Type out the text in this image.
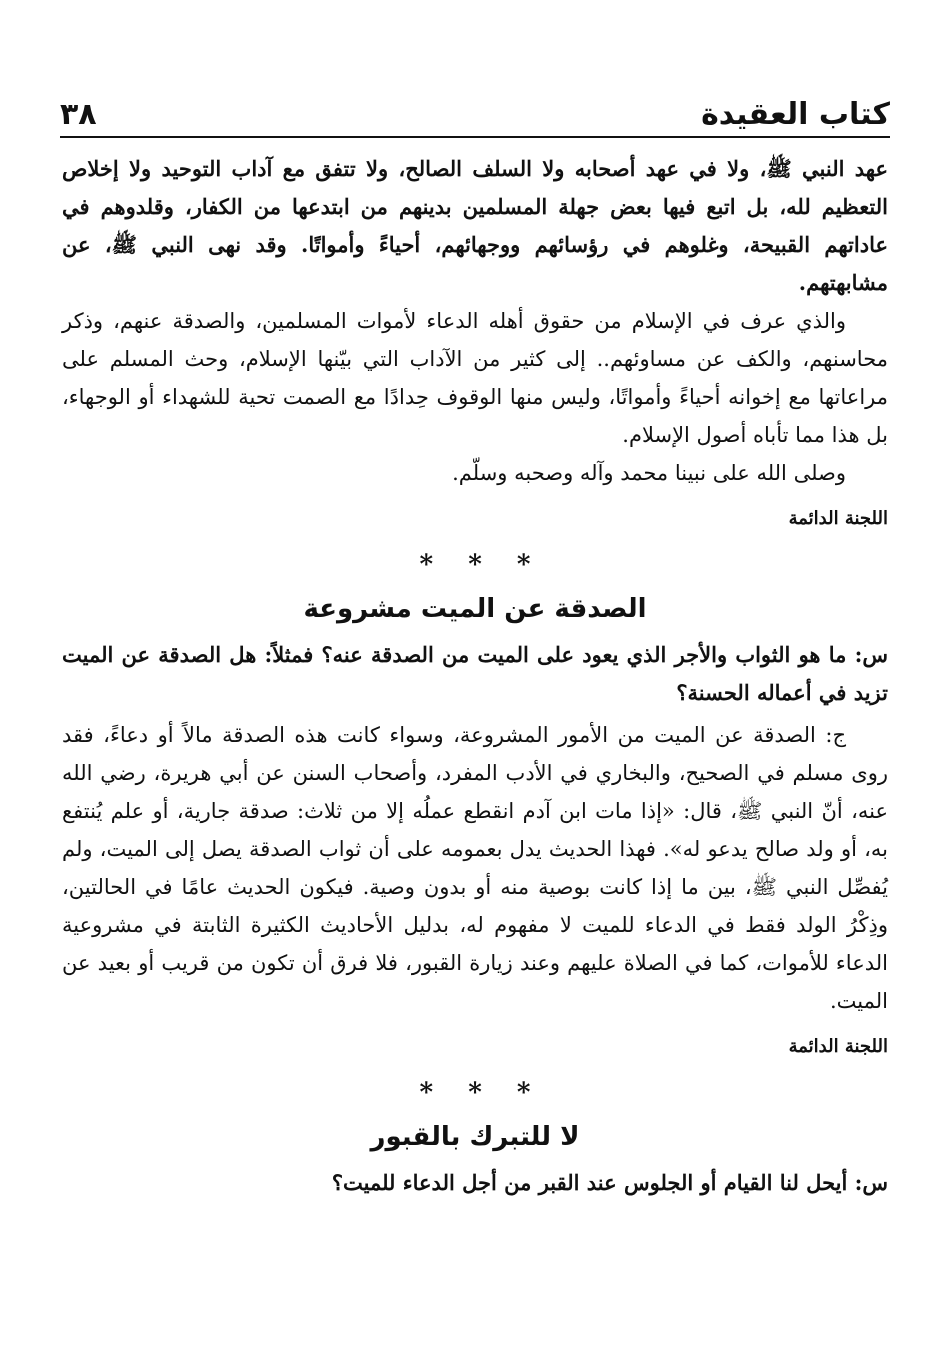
٣٨	كتاب العقيدة

عهد النبي ﷺ، ولا في عهد أصحابه ولا السلف الصالح، ولا تتفق مع آداب التوحيد ولا إخلاص التعظيم لله، بل اتبع فيها بعض جهلة المسلمين بدينهم من ابتدعها من الكفار، وقلدوهم في عاداتهم القبيحة، وغلوهم في رؤسائهم ووجهائهم، أحياءً وأمواتًا. وقد نهى النبي ﷺ، عن مشابهتهم.

والذي عرف في الإسلام من حقوق أهله الدعاء لأموات المسلمين، والصدقة عنهم، وذكر محاسنهم، والكف عن مساوئهم.. إلى كثير من الآداب التي بيّنها الإسلام، وحث المسلم على مراعاتها مع إخوانه أحياءً وأمواتًا، وليس منها الوقوف حِدادًا مع الصمت تحية للشهداء أو الوجهاء، بل هذا مما تأباه أصول الإسلام.

وصلى الله على نبينا محمد وآله وصحبه وسلّم.

اللجنة الدائمة
* * *
الصدقة عن الميت مشروعة

س: ما هو الثواب والأجر الذي يعود على الميت من الصدقة عنه؟ فمثلاً: هل الصدقة عن الميت تزيد في أعماله الحسنة؟

ج: الصدقة عن الميت من الأمور المشروعة، وسواء كانت هذه الصدقة مالاً أو دعاءً، فقد روى مسلم في الصحيح، والبخاري في الأدب المفرد، وأصحاب السنن عن أبي هريرة، رضي الله عنه، أنّ النبي ﷺ، قال: «إذا مات ابن آدم انقطع عملُه إلا من ثلاث: صدقة جارية، أو علم يُنتفع به، أو ولد صالح يدعو له». فهذا الحديث يدل بعمومه على أن ثواب الصدقة يصل إلى الميت، ولم يُفصِّل النبي ﷺ، بين ما إذا كانت بوصية منه أو بدون وصية. فيكون الحديث عامًا في الحالتين، وذِكْرُ الولد فقط في الدعاء للميت لا مفهوم له، بدليل الأحاديث الكثيرة الثابتة في مشروعية الدعاء للأموات، كما في الصلاة عليهم وعند زيارة القبور، فلا فرق أن تكون من قريب أو بعيد عن الميت.

اللجنة الدائمة
* * *
لا للتبرك بالقبور

س: أيحل لنا القيام أو الجلوس عند القبر من أجل الدعاء للميت؟
